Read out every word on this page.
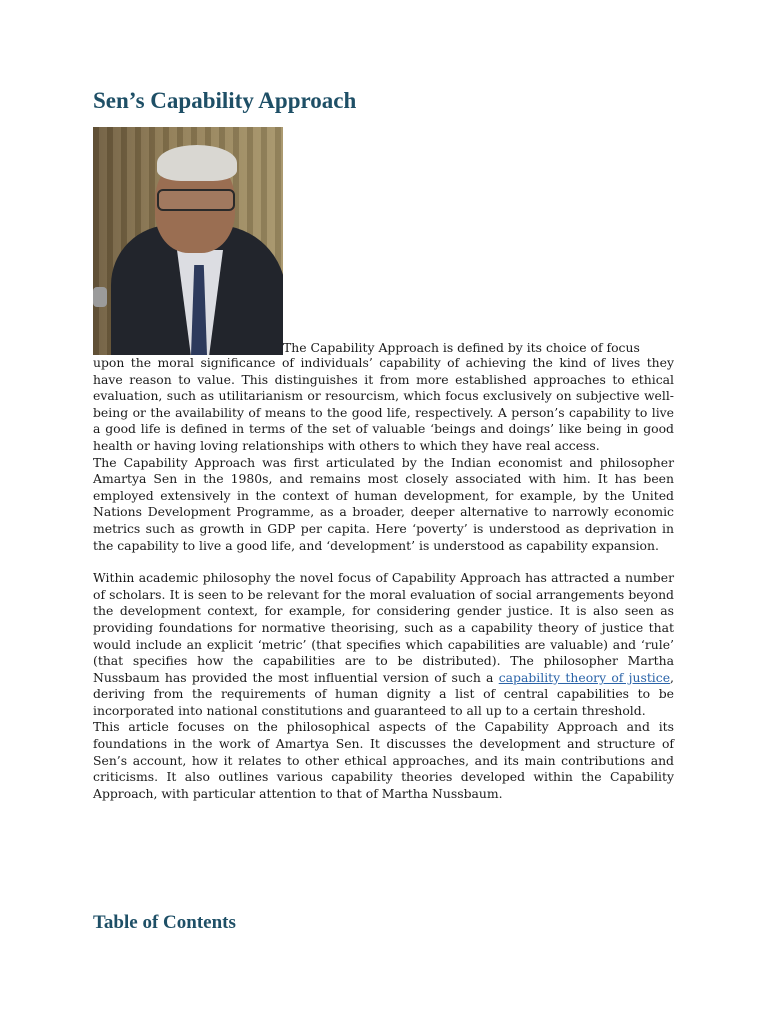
Sen’s Capability Approach
The Capability Approach is defined by its choice of focus

upon the moral significance of individuals’ capability of achieving the kind of lives they have reason to value. This distinguishes it from more established approaches to ethical evaluation, such as utilitarianism or resourcism, which focus exclusively on subjective well-being or the availability of means to the good life, respectively. A person’s capability to live a good life is defined in terms of the set of valuable ‘beings and doings’ like being in good health or having loving relationships with others to which they have real access.

The Capability Approach was first articulated by the Indian economist and philosopher Amartya Sen in the 1980s, and remains most closely associated with him. It has been employed extensively in the context of human development, for example, by the United Nations Development Programme, as a broader, deeper alternative to narrowly economic metrics such as growth in GDP per capita. Here ‘poverty’ is understood as deprivation in the capability to live a good life, and ‘development’ is understood as capability expansion.

Within academic philosophy the novel focus of Capability Approach has attracted a number of scholars. It is seen to be relevant for the moral evaluation of social arrangements beyond the development context, for example, for considering gender justice. It is also seen as providing foundations for normative theorising, such as a capability theory of justice that would include an explicit ‘metric’ (that specifies which capabilities are valuable) and ‘rule’ (that specifies how the capabilities are to be distributed). The philosopher Martha Nussbaum has provided the most influential version of such a capability theory of justice, deriving from the requirements of human dignity a list of central capabilities to be incorporated into national constitutions and guaranteed to all up to a certain threshold.

This article focuses on the philosophical aspects of the Capability Approach and its foundations in the work of Amartya Sen. It discusses the development and structure of Sen’s account, how it relates to other ethical approaches, and its main contributions and criticisms. It also outlines various capability theories developed within the Capability Approach, with particular attention to that of Martha Nussbaum.

Table of Contents
